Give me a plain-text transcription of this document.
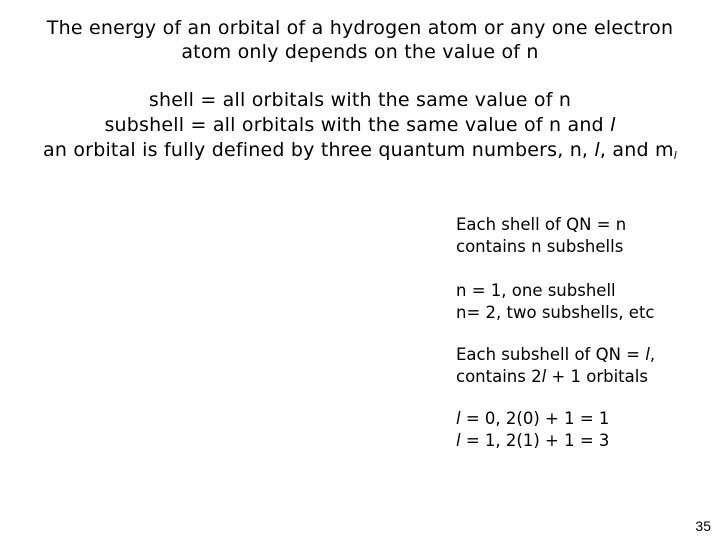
The energy of an orbital of a hydrogen atom or any one electron

atom only depends on the value of n

shell = all orbitals with the same value of n

subshell = all orbitals with the same value of n and l

an orbital is fully defined by three quantum numbers, n, l, and $m_l$

Each shell of QN = n

contains n subshells

n = 1, one subshell

n= 2, two subshells, etc

Each subshell of QN = l,

contains 2l + 1 orbitals

l = 0, 2(0) + 1 = 1

l = 1, 2(1) + 1 = 3

35
